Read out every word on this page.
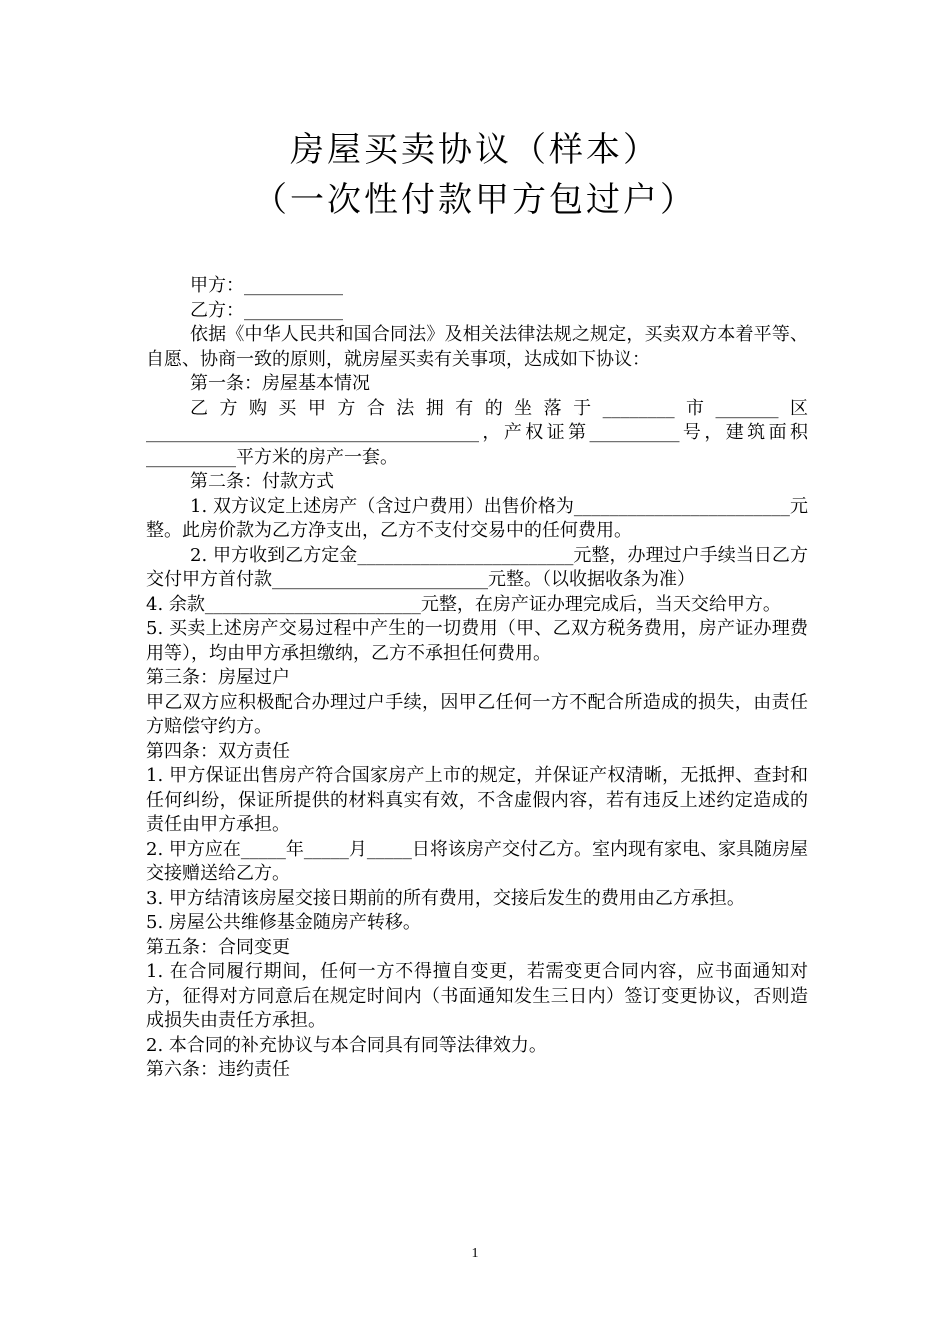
房屋买卖协议（样本）
（一次性付款甲方包过户）

甲方：___________

乙方：___________

依据《中华人民共和国合同法》及相关法律法规之规定，买卖双方本着平等、自愿、协商一致的原则，就房屋买卖有关事项，达成如下协议：

第一条：房屋基本情况

乙方购买甲方合法拥有的坐落于________市_______区_____________________________________，产权证第__________号，建筑面积__________平方米的房产一套。

第二条：付款方式

1. 双方议定上述房产（含过户费用）出售价格为________________________元整。此房价款为乙方净支出，乙方不支付交易中的任何费用。

2. 甲方收到乙方定金________________________元整，办理过户手续当日乙方交付甲方首付款________________________元整。（以收据收条为准）

4. 余款________________________元整，在房产证办理完成后，当天交给甲方。

5. 买卖上述房产交易过程中产生的一切费用（甲、乙双方税务费用，房产证办理费用等），均由甲方承担缴纳，乙方不承担任何费用。

第三条：房屋过户

甲乙双方应积极配合办理过户手续，因甲乙任何一方不配合所造成的损失，由责任方赔偿守约方。

第四条：双方责任

1. 甲方保证出售房产符合国家房产上市的规定，并保证产权清晰，无抵押、查封和任何纠纷，保证所提供的材料真实有效，不含虚假内容，若有违反上述约定造成的责任由甲方承担。

2. 甲方应在_____年_____月_____日将该房产交付乙方。室内现有家电、家具随房屋交接赠送给乙方。

3. 甲方结清该房屋交接日期前的所有费用，交接后发生的费用由乙方承担。

5. 房屋公共维修基金随房产转移。

第五条：合同变更

1. 在合同履行期间，任何一方不得擅自变更，若需变更合同内容，应书面通知对方，征得对方同意后在规定时间内（书面通知发生三日内）签订变更协议，否则造成损失由责任方承担。

2. 本合同的补充协议与本合同具有同等法律效力。

第六条：违约责任

1
